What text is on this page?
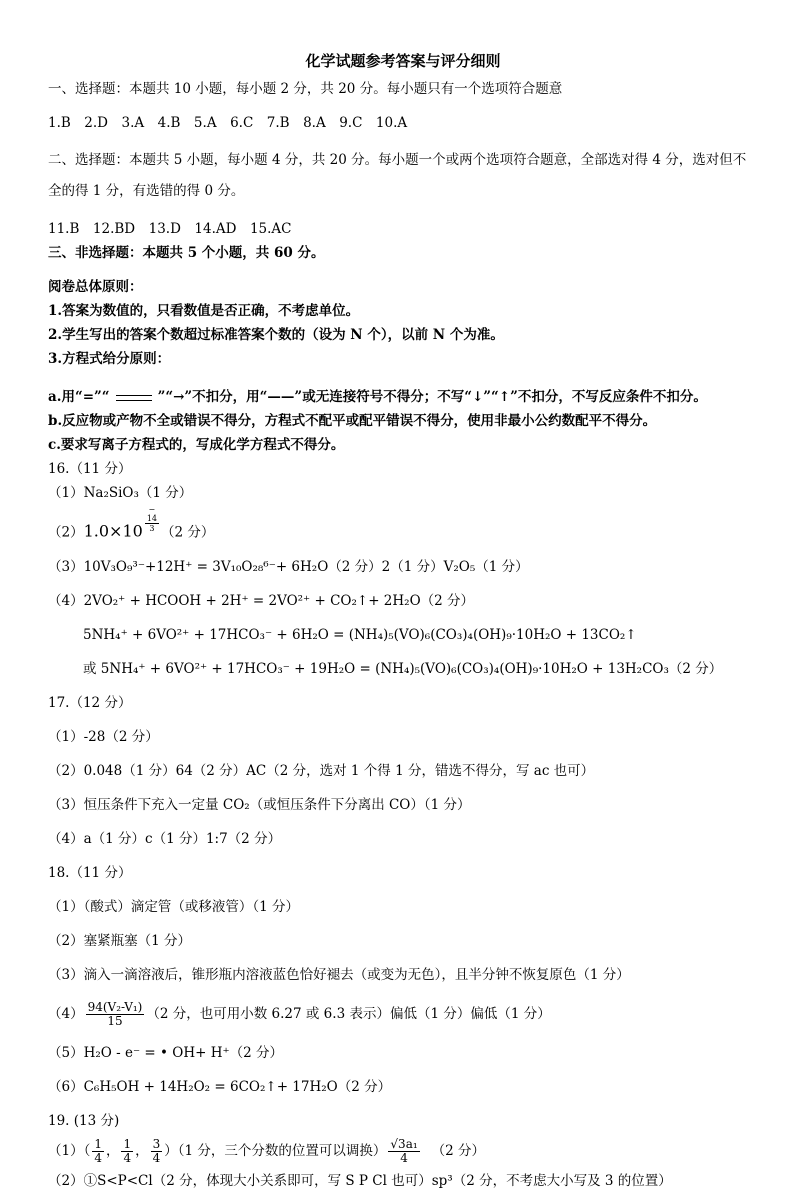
化学试题参考答案与评分细则
一、选择题：本题共 10 小题，每小题 2 分，共 20 分。每小题只有一个选项符合题意
1.B　2.D　3.A　4.B　5.A　6.C　7.B　8.A　9.C　10.A
二、选择题：本题共 5 小题，每小题 4 分，共 20 分。每小题一个或两个选项符合题意，全部选对得 4 分，选对但不全的得 1 分，有选错的得 0 分。
11.B　12.BD　13.D　14.AD　15.AC
三、非选择题：本题共 5 个小题，共 60 分。
阅卷总体原则：
1.答案为数值的，只看数值是否正确，不考虑单位。
2.学生写出的答案个数超过标准答案个数的（设为 N 个），以前 N 个为准。
3.方程式给分原则：
a.用“=”“	”“→”不扣分，用“——”或无连接符号不得分；不写“↓”“↑”不扣分，不写反应条件不扣分。
b.反应物或产物不全或错误不得分，方程式不配平或配平错误不得分，使用非最小公约数配平不得分。
c.要求写离子方程式的，写成化学方程式不得分。
16.（11 分）
（1）Na₂SiO₃（1 分）
（2）1.0×10−
14
3 （2 分）
（3）10V₃O₉³⁻+12H⁺ = 3V₁₀O₂₈⁶⁻+ 6H₂O（2 分）2（1 分）V₂O₅（1 分）
（4）2VO₂⁺ + HCOOH + 2H⁺ = 2VO²⁺ + CO₂↑+ 2H₂O（2 分）
5NH₄⁺ + 6VO²⁺ + 17HCO₃⁻ + 6H₂O = (NH₄)₅(VO)₆(CO₃)₄(OH)₉·10H₂O + 13CO₂↑
或 5NH₄⁺ + 6VO²⁺ + 17HCO₃⁻ + 19H₂O = (NH₄)₅(VO)₆(CO₃)₄(OH)₉·10H₂O + 13H₂CO₃（2 分）
17.（12 分）
（1）-28（2 分）
（2）0.048（1 分）64（2 分）AC（2 分，选对 1 个得 1 分，错选不得分，写 ac 也可）
（3）恒压条件下充入一定量 CO₂（或恒压条件下分离出 CO）（1 分）
（4）a（1 分）c（1 分）1:7（2 分）
18.（11 分）
（1）（酸式）滴定管（或移液管）（1 分）
（2）塞紧瓶塞（1 分）
（3）滴入一滴溶液后，锥形瓶内溶液蓝色恰好褪去（或变为无色），且半分钟不恢复原色（1 分）
$(4) \frac{\text{94(V₂-V₁)}}{15} (2$ 分，也可用小数 6.27 或 6.3 表示）偏低（1 分）偏低（1 分）
（5）H₂O - e⁻ = • OH+ H⁺（2 分）
（6）C₆H₅OH + 14H₂O₂ = 6CO₂↑+ 17H₂O（2 分）
19. (13 分)
$(1)( \frac{1}{4}$ ， $\frac{1}{4}$ ， $\frac{3}{4} )(1$ 分，三个分数的位置可以调换） $\frac{\text{√3a₁}}{4} (2$ 分）
（2）①S<P<Cl（2 分，体现大小关系即可，写 S P Cl 也可）sp³（2 分，不考虑大小写及 3 的位置）
